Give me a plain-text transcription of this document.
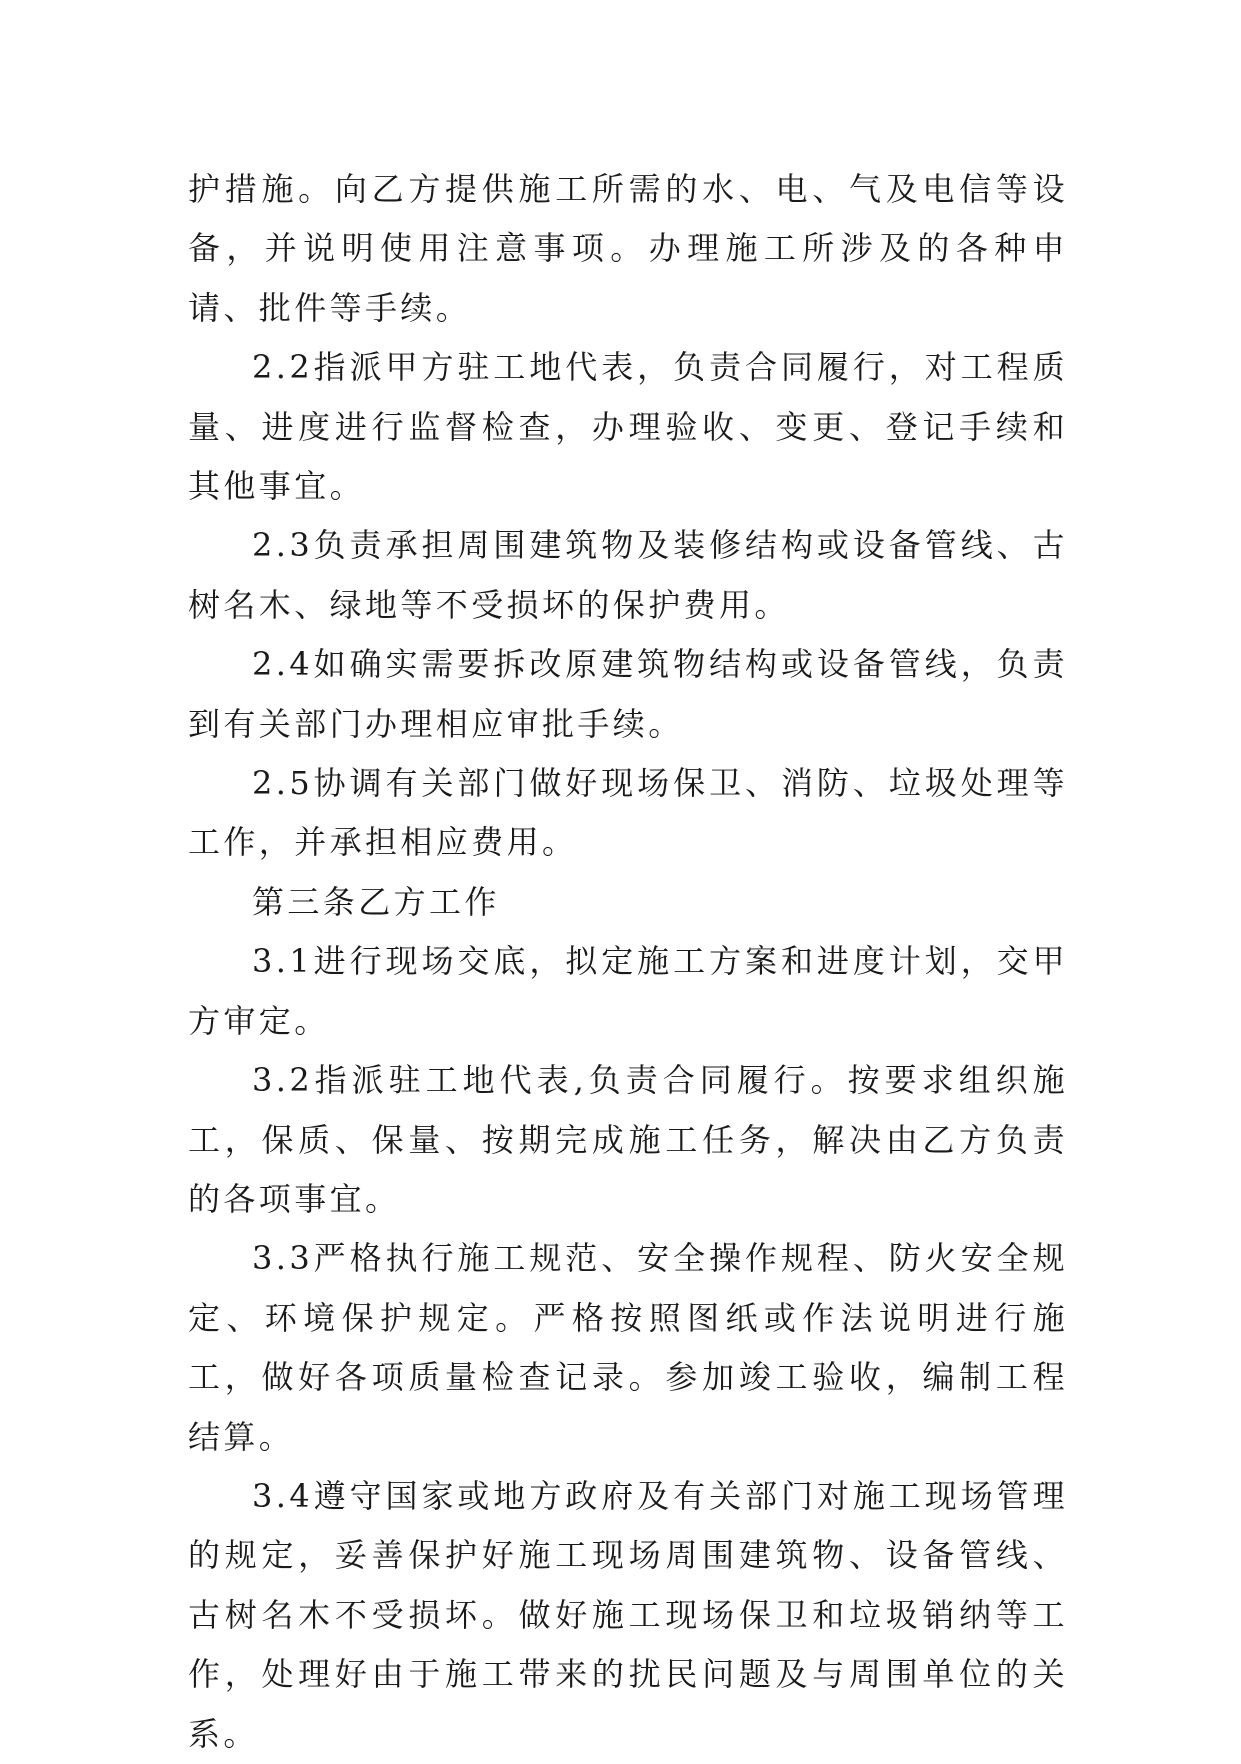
护措施。向乙方提供施工所需的水、电、气及电信等设备，并说明使用注意事项。办理施工所涉及的各种申请、批件等手续。

2.2指派甲方驻工地代表，负责合同履行，对工程质量、进度进行监督检查，办理验收、变更、登记手续和其他事宜。

2.3负责承担周围建筑物及装修结构或设备管线、古树名木、绿地等不受损坏的保护费用。

2.4如确实需要拆改原建筑物结构或设备管线，负责到有关部门办理相应审批手续。

2.5协调有关部门做好现场保卫、消防、垃圾处理等工作，并承担相应费用。

第三条乙方工作

3.1进行现场交底，拟定施工方案和进度计划，交甲方审定。

3.2指派驻工地代表,负责合同履行。按要求组织施工，保质、保量、按期完成施工任务，解决由乙方负责的各项事宜。

3.3严格执行施工规范、安全操作规程、防火安全规定、环境保护规定。严格按照图纸或作法说明进行施工，做好各项质量检查记录。参加竣工验收，编制工程结算。

3.4遵守国家或地方政府及有关部门对施工现场管理的规定，妥善保护好施工现场周围建筑物、设备管线、古树名木不受损坏。做好施工现场保卫和垃圾销纳等工作，处理好由于施工带来的扰民问题及与周围单位的关系。
